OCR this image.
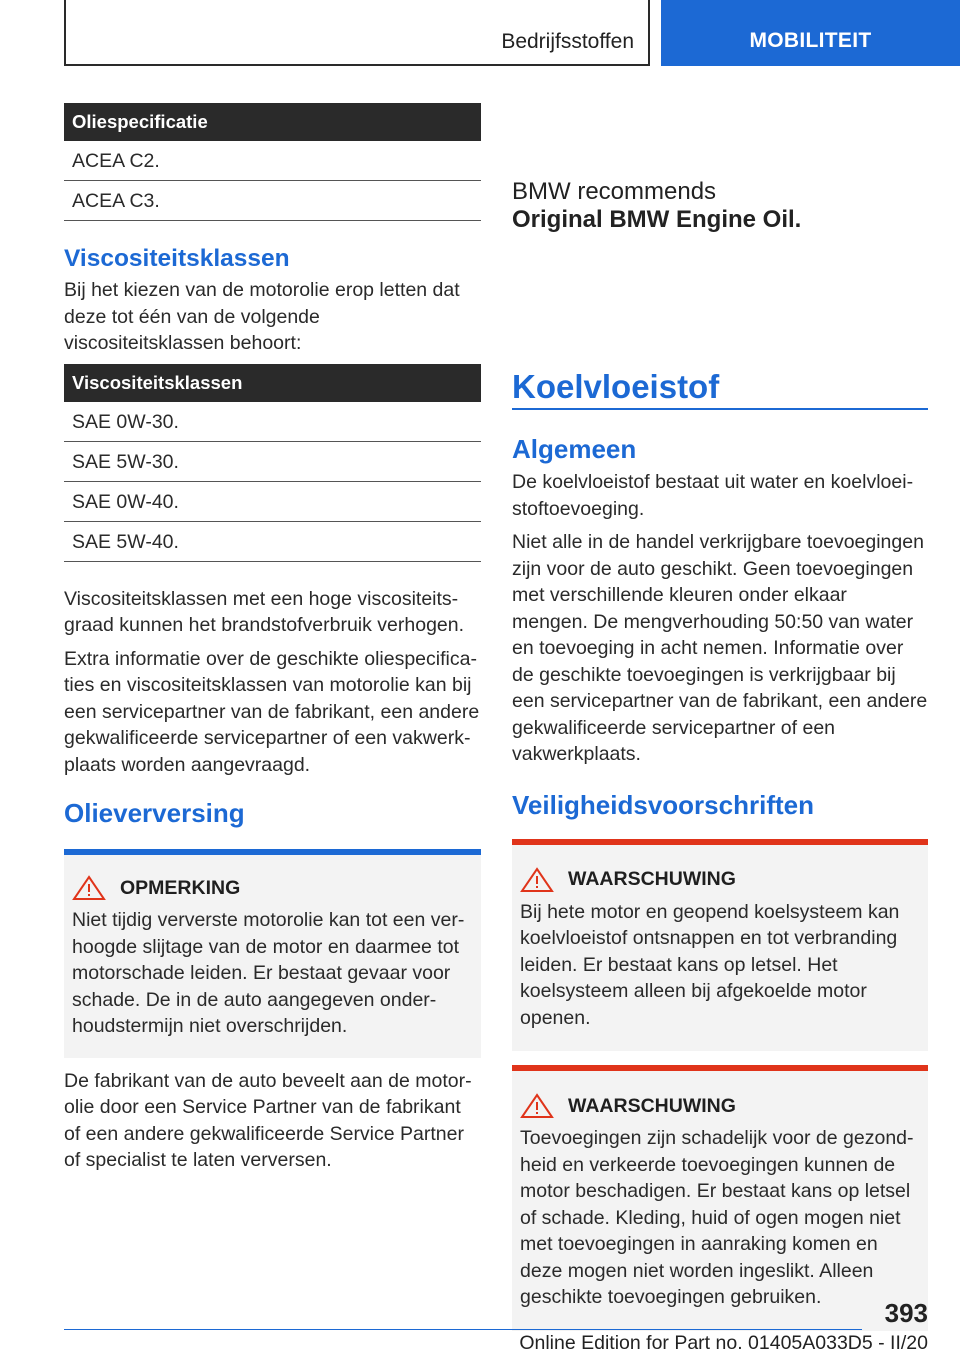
Bedrijfsstoffen	MOBILITEIT
Oliespecificatie
ACEA C2.
ACEA C3.
Viscositeitsklassen
Bij het kiezen van de motorolie erop letten dat deze tot één van de volgende viscositeitsklassen behoort:
Viscositeitsklassen
SAE 0W-30.
SAE 5W-30.
SAE 0W-40.
SAE 5W-40.
Viscositeitsklassen met een hoge viscositeitsgraad kunnen het brandstofverbruik verhogen.
Extra informatie over de geschikte oliespecificaties en viscositeitsklassen van motorolie kan bij een servicepartner van de fabrikant, een andere gekwalificeerde servicepartner of een vakwerkplaats worden aangevraagd.
Olieverversing
OPMERKING
Niet tijdig ververste motorolie kan tot een verhoogde slijtage van de motor en daarmee tot motorschade leiden. Er bestaat gevaar voor schade. De in de auto aangegeven onderhoudstermijn niet overschrijden.
De fabrikant van de auto beveelt aan de motorolie door een Service Partner van de fabrikant of een andere gekwalificeerde Service Partner of specialist te laten verversen.
BMW recommends
Original BMW Engine Oil.
Koelvloeistof
Algemeen
De koelvloeistof bestaat uit water en koelvloeistoftoevoeging.
Niet alle in de handel verkrijgbare toevoegingen zijn voor de auto geschikt. Geen toevoegingen met verschillende kleuren onder elkaar mengen. De mengverhouding 50:50 van water en toevoeging in acht nemen. Informatie over de geschikte toevoegingen is verkrijgbaar bij een servicepartner van de fabrikant, een andere gekwalificeerde servicepartner of een vakwerkplaats.
Veiligheidsvoorschriften
WAARSCHUWING
Bij hete motor en geopend koelsysteem kan koelvloeistof ontsnappen en tot verbranding leiden. Er bestaat kans op letsel. Het koelsysteem alleen bij afgekoelde motor openen.
WAARSCHUWING
Toevoegingen zijn schadelijk voor de gezondheid en verkeerde toevoegingen kunnen de motor beschadigen. Er bestaat kans op letsel of schade. Kleding, huid of ogen mogen niet met toevoegingen in aanraking komen en deze mogen niet worden ingeslikt. Alleen geschikte toevoegingen gebruiken.
393
Online Edition for Part no. 01405A033D5 - II/20
